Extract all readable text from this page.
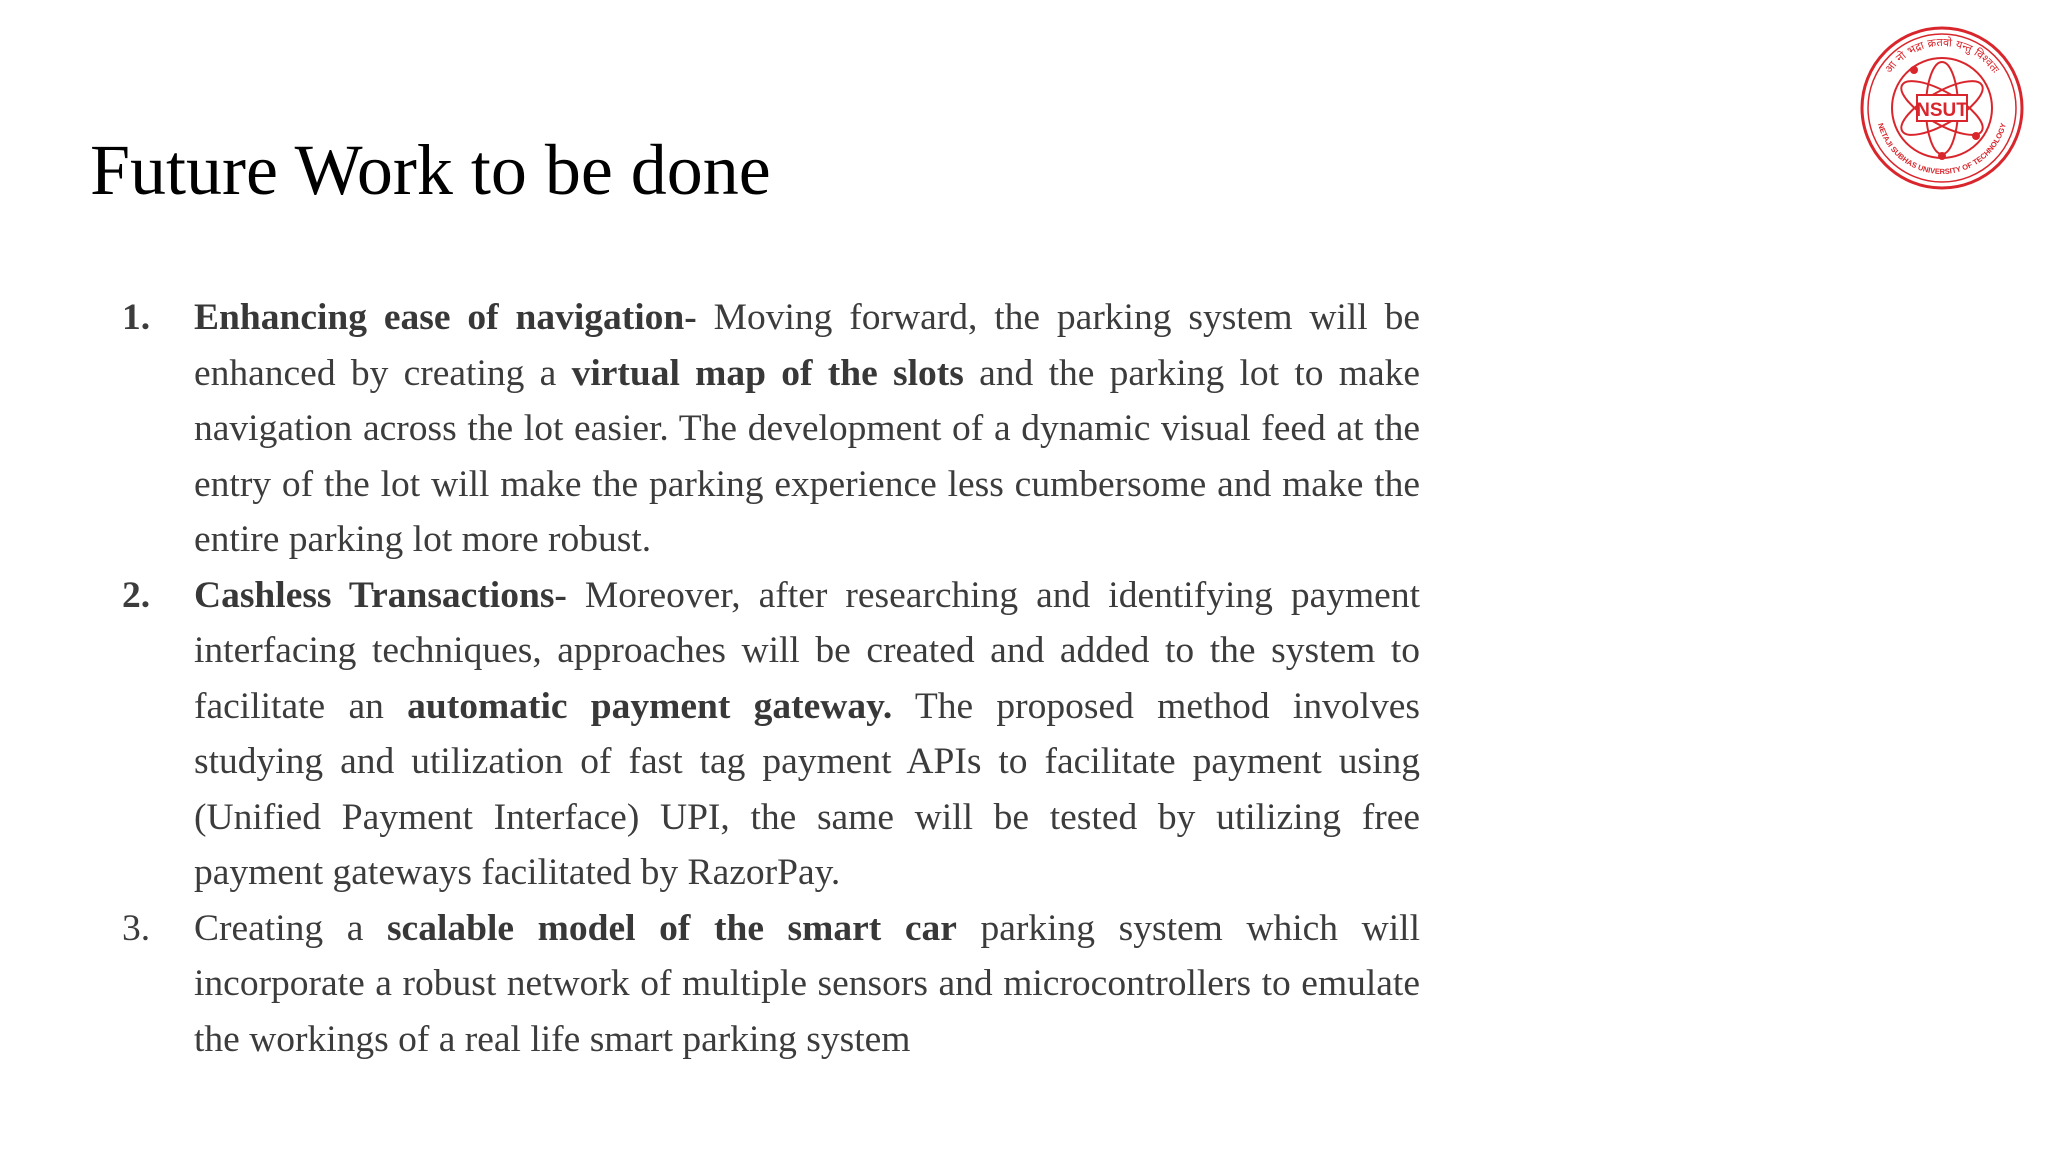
Future Work to be done
NSUT
आ नो भद्रा क्रतवो यन्तु विश्वतः
NETAJI SUBHAS UNIVERSITY OF TECHNOLOGY
1.	Enhancing ease of navigation- Moving forward, the parking system will be enhanced by creating a virtual map of the slots and the parking lot to make navigation across the lot easier. The development of a dynamic visual feed at the entry of the lot will make the parking experience less cumbersome and make the entire parking lot more robust.
2.	Cashless Transactions- Moreover, after researching and identifying payment interfacing techniques, approaches will be created and added to the system to facilitate an automatic payment gateway. The proposed method involves studying and utilization of fast tag payment APIs to facilitate payment using (Unified Payment Interface) UPI, the same will be tested by utilizing free payment gateways facilitated by RazorPay.
3.	Creating a scalable model of the smart car parking system which will incorporate a robust network of multiple sensors and microcontrollers to emulate the workings of a real life smart parking system
